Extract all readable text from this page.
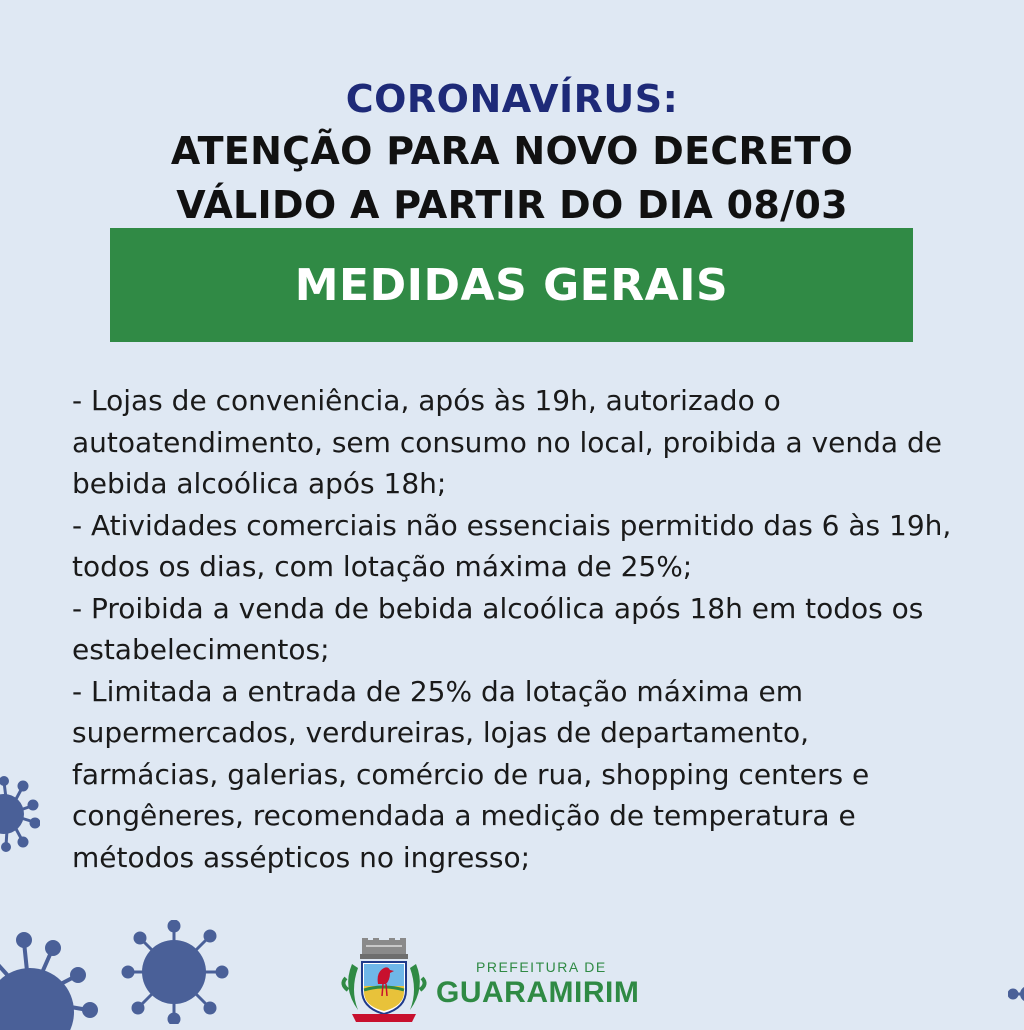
CORONAVÍRUS:
ATENÇÃO PARA NOVO DECRETO
VÁLIDO A PARTIR DO DIA 08/03
MEDIDAS GERAIS

- Lojas de conveniência, após às 19h, autorizado o autoatendimento, sem consumo no local, proibida a venda de bebida alcoólica após 18h;

- Atividades comerciais não essenciais permitido das 6 às 19h, todos os dias, com lotação máxima de 25%;

- Proibida a venda de bebida alcoólica após 18h em todos os estabelecimentos;

- Limitada a entrada de 25% da lotação máxima em supermercados, verdureiras, lojas de departamento, farmácias, galerias, comércio de rua, shopping centers e congêneres, recomendada a medição de temperatura e métodos assépticos no ingresso;

PREFEITURA DE
GUARAMIRIM
